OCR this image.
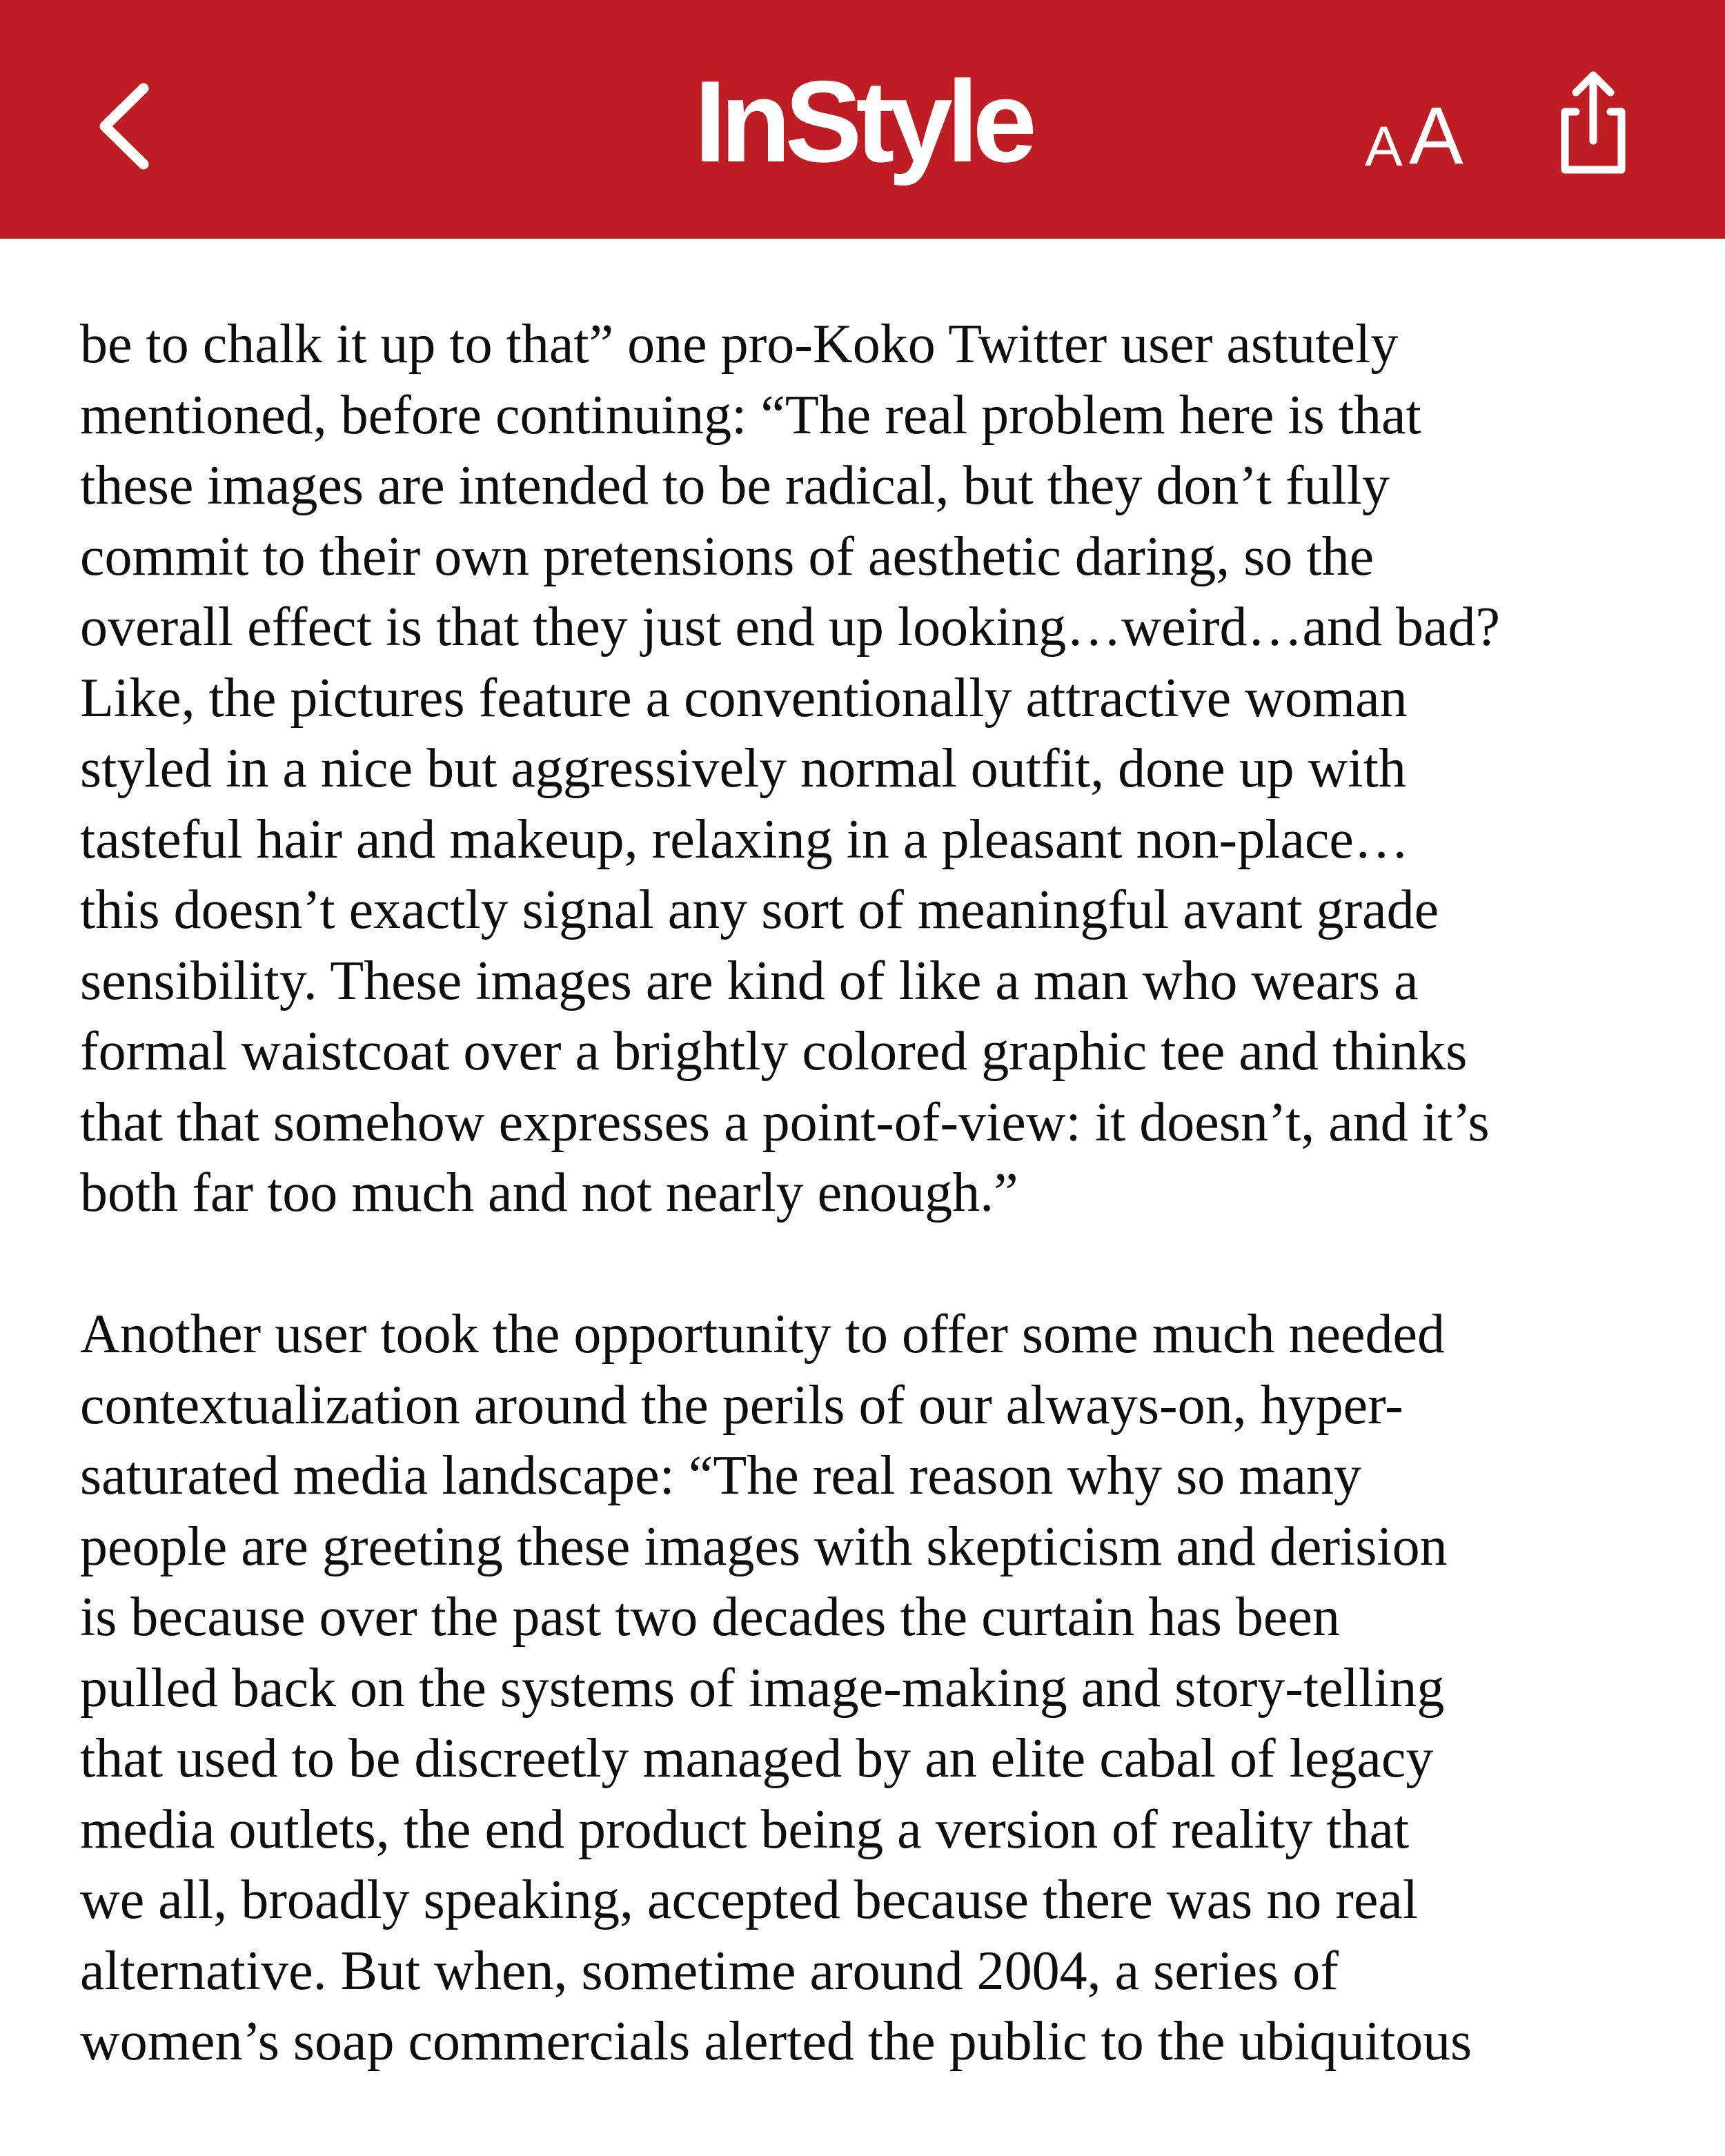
InStyle	A A

be to chalk it up to that” one pro-Koko Twitter user astutely
mentioned, before continuing: “The real problem here is that
these images are intended to be radical, but they don’t fully
commit to their own pretensions of aesthetic daring, so the
overall effect is that they just end up looking…weird…and bad?
Like, the pictures feature a conventionally attractive woman
styled in a nice but aggressively normal outfit, done up with
tasteful hair and makeup, relaxing in a pleasant non-place…
this doesn’t exactly signal any sort of meaningful avant grade
sensibility. These images are kind of like a man who wears a
formal waistcoat over a brightly colored graphic tee and thinks
that that somehow expresses a point-of-view: it doesn’t, and it’s
both far too much and not nearly enough.”

Another user took the opportunity to offer some much needed
contextualization around the perils of our always-on, hyper-
saturated media landscape: “The real reason why so many
people are greeting these images with skepticism and derision
is because over the past two decades the curtain has been
pulled back on the systems of image-making and story-telling
that used to be discreetly managed by an elite cabal of legacy
media outlets, the end product being a version of reality that
we all, broadly speaking, accepted because there was no real
alternative. But when, sometime around 2004, a series of
women’s soap commercials alerted the public to the ubiquitous
